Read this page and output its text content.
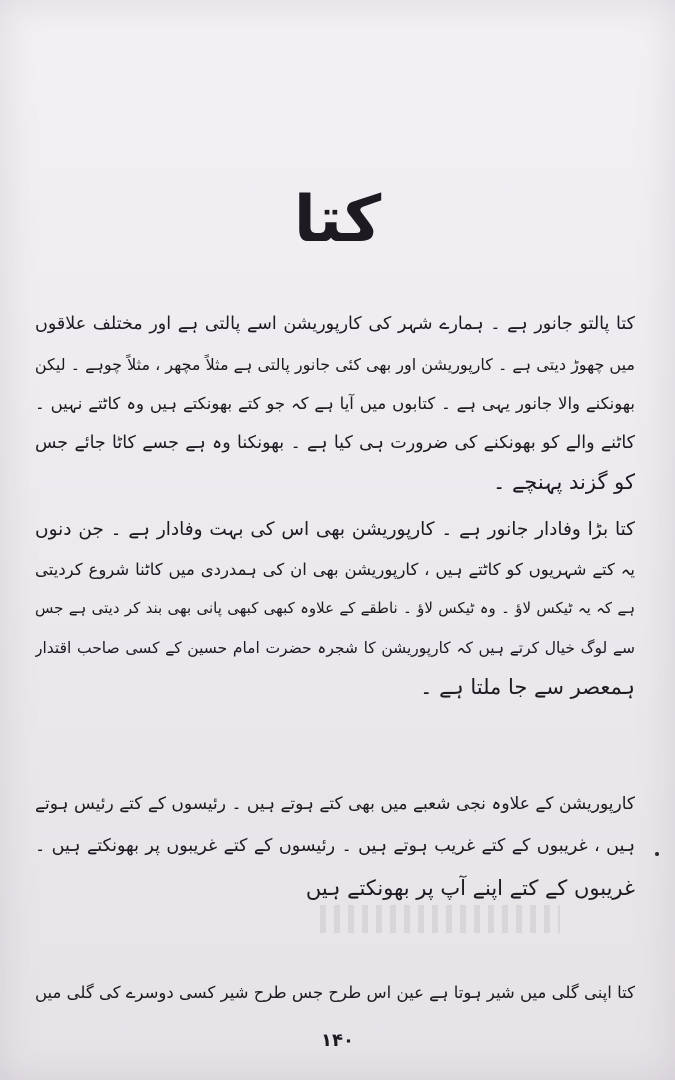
کتا
کتا پالتو جانور ہے ۔ ہمارے شہر کی کارپوریشن اسے پالتی ہے اور مختلف علاقوں
میں چھوڑ دیتی ہے ۔ کارپوریشن اور بھی کئی جانور پالتی ہے مثلاً مچھر ، مثلاً چوہے ۔ لیکن
بھونکنے والا جانور یہی ہے ۔ کتابوں میں آیا ہے کہ جو کتے بھونکتے ہیں وہ کاٹتے نہیں ۔
کاٹنے والے کو بھونکنے کی ضرورت ہی کیا ہے ۔ بھونکنا وہ ہے جسے کاٹا جائے جس
کو گزند پہنچے ۔
کتا بڑا وفادار جانور ہے ۔ کارپوریشن بھی اس کی بہت وفادار ہے ۔ جن دنوں
یہ کتے شہریوں کو کاٹتے ہیں ، کارپوریشن بھی ان کی ہمدردی میں کاٹنا شروع کردیتی
ہے کہ یہ ٹیکس لاؤ ۔ وہ ٹیکس لاؤ ۔ ناطقے کے علاوہ کبھی کبھی پانی بھی بند کر دیتی ہے جس
سے لوگ خیال کرتے ہیں کہ کارپوریشن کا شجرہ حضرت امام حسین کے کسی صاحب اقتدار
ہمعصر سے جا ملتا ہے ۔
کارپوریشن کے علاوہ نجی شعبے میں بھی کتے ہوتے ہیں ۔ رئیسوں کے کتے رئیس ہوتے
ہیں ، غریبوں کے کتے غریب ہوتے ہیں ۔ رئیسوں کے کتے غریبوں پر بھونکتے ہیں ۔
غریبوں کے کتے اپنے آپ پر بھونکتے ہیں
کتا اپنی گلی میں شیر ہوتا ہے عین اس طرح جس طرح شیر کسی دوسرے کی گلی میں
۱۴۰
